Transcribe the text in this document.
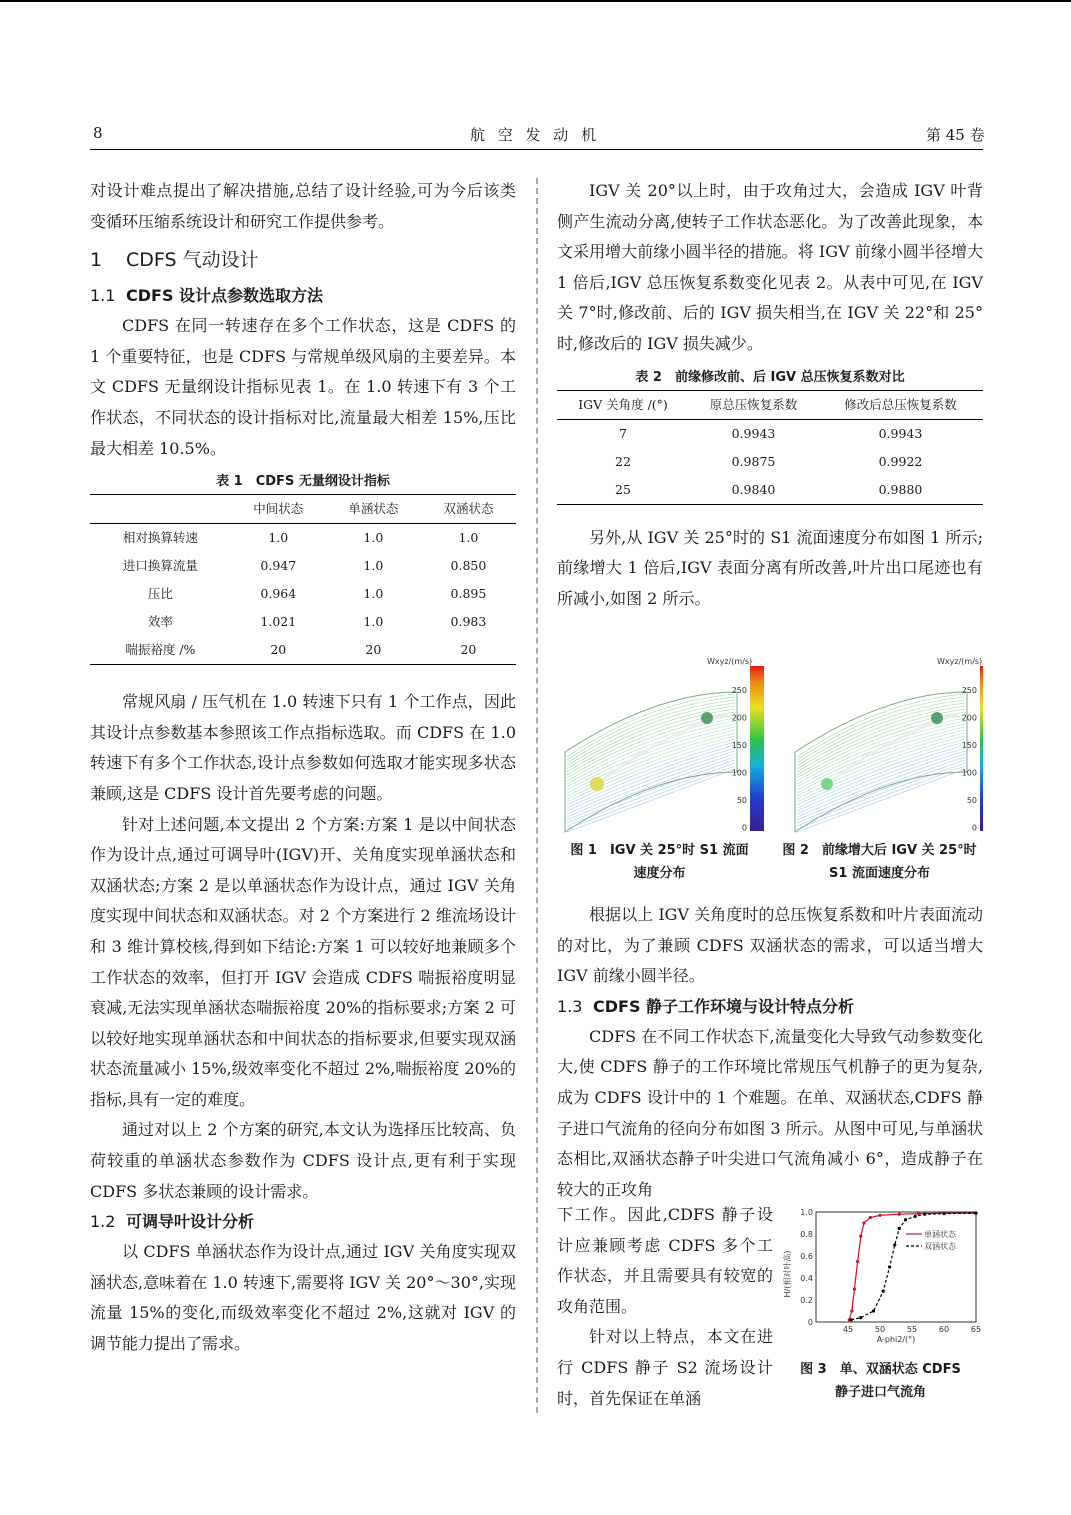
8	航 空 发 动 机	第 45 卷

对设计难点提出了解决措施,总结了设计经验,可为今后该类变循环压缩系统设计和研究工作提供参考。

1 CDFS 气动设计
1.1 CDFS 设计点参数选取方法

CDFS 在同一转速存在多个工作状态，这是 CDFS 的 1 个重要特征，也是 CDFS 与常规单级风扇的主要差异。本文 CDFS 无量纲设计指标见表 1。在 1.0 转速下有 3 个工作状态，不同状态的设计指标对比,流量最大相差 15%,压比最大相差 10.5%。

表 1　CDFS 无量纲设计指标
	中间状态	单涵状态	双涵状态
相对换算转速	1.0	1.0	1.0
进口换算流量	0.947	1.0	0.850
压比	0.964	1.0	0.895
效率	1.021	1.0	0.983
喘振裕度 /%	20	20	20

常规风扇 / 压气机在 1.0 转速下只有 1 个工作点，因此其设计点参数基本参照该工作点指标选取。而 CDFS 在 1.0 转速下有多个工作状态,设计点参数如何选取才能实现多状态兼顾,这是 CDFS 设计首先要考虑的问题。

针对上述问题,本文提出 2 个方案:方案 1 是以中间状态作为设计点,通过可调导叶(IGV)开、关角度实现单涵状态和双涵状态;方案 2 是以单涵状态作为设计点，通过 IGV 关角度实现中间状态和双涵状态。对 2 个方案进行 2 维流场设计和 3 维计算校核,得到如下结论:方案 1 可以较好地兼顾多个工作状态的效率，但打开 IGV 会造成 CDFS 喘振裕度明显衰减,无法实现单涵状态喘振裕度 20%的指标要求;方案 2 可以较好地实现单涵状态和中间状态的指标要求,但要实现双涵状态流量减小 15%,级效率变化不超过 2%,喘振裕度 20%的指标,具有一定的难度。

通过对以上 2 个方案的研究,本文认为选择压比较高、负荷较重的单涵状态参数作为 CDFS 设计点,更有利于实现 CDFS 多状态兼顾的设计需求。

1.2 可调导叶设计分析

以 CDFS 单涵状态作为设计点,通过 IGV 关角度实现双涵状态,意味着在 1.0 转速下,需要将 IGV 关 20°～30°,实现流量 15%的变化,而级效率变化不超过 2%,这就对 IGV 的调节能力提出了需求。

IGV 关 20°以上时，由于攻角过大，会造成 IGV 叶背侧产生流动分离,使转子工作状态恶化。为了改善此现象，本文采用增大前缘小圆半径的措施。将 IGV 前缘小圆半径增大 1 倍后,IGV 总压恢复系数变化见表 2。从表中可见,在 IGV 关 7°时,修改前、后的 IGV 损失相当,在 IGV 关 22°和 25°时,修改后的 IGV 损失减少。

表 2　前缘修改前、后 IGV 总压恢复系数对比
IGV 关角度 /(°)	原总压恢复系数	修改后总压恢复系数
7	0.9943	0.9943
22	0.9875	0.9922
25	0.9840	0.9880

另外,从 IGV 关 25°时的 S1 流面速度分布如图 1 所示;前缘增大 1 倍后,IGV 表面分离有所改善,叶片出口尾迹也有所减小,如图 2 所示。

Wxyz/(m/s)
250
200
150
100
50
0
Wxyz/(m/s)
250
200
150
100
50
0
图 1　IGV 关 25°时 S1 流面
速度分布
图 2　前缘增大后 IGV 关 25°时
S1 流面速度分布

根据以上 IGV 关角度时的总压恢复系数和叶片表面流动的对比，为了兼顾 CDFS 双涵状态的需求，可以适当增大 IGV 前缘小圆半径。

1.3 CDFS 静子工作环境与设计特点分析

CDFS 在不同工作状态下,流量变化大导致气动参数变化大,使 CDFS 静子的工作环境比常规压气机静子的更为复杂,成为 CDFS 设计中的 1 个难题。在单、双涵状态,CDFS 静子进口气流角的径向分布如图 3 所示。从图中可见,与单涵状态相比,双涵状态静子叶尖进口气流角减小 6°，造成静子在较大的正攻角

下工作。因此,CDFS 静子设计应兼顾考虑 CDFS 多个工作状态，并且需要具有较宽的攻角范围。

针对以上特点，本文在进行 CDFS 静子 S2 流场设计时，首先保证在单涵

H/(相对叶高)
A-phi2/(°)
45	50	55	60	65
0
0.2
0.4
0.6
0.8
1.0
单涵状态
双涵状态
图 3　单、双涵状态 CDFS
静子进口气流角
